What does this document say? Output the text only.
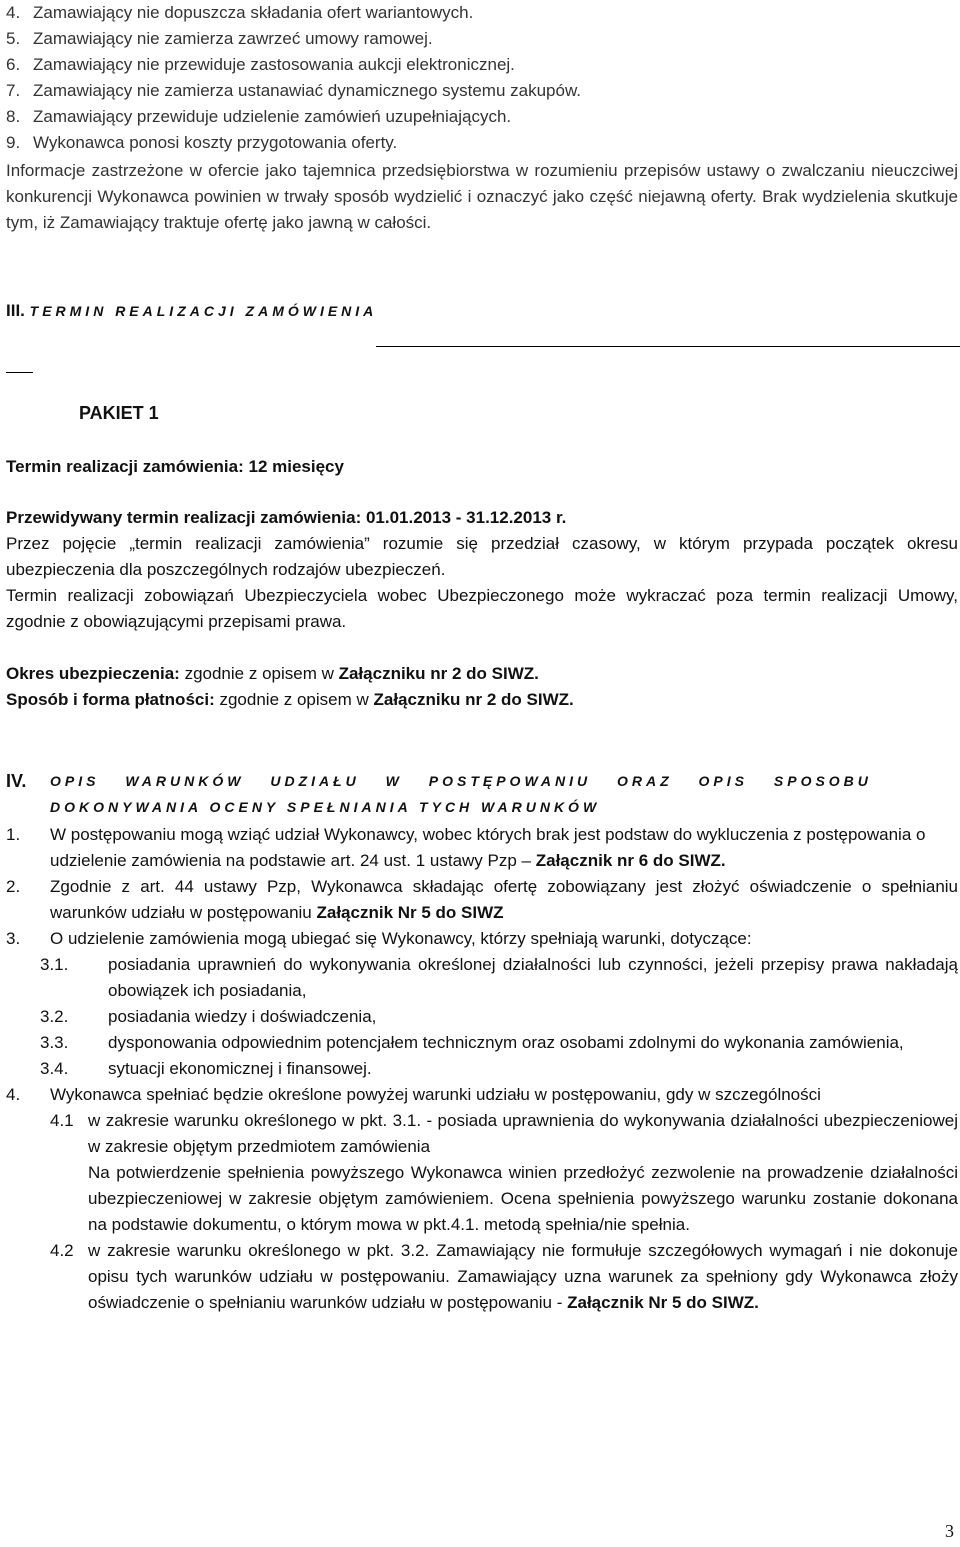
4. Zamawiający nie dopuszcza składania ofert wariantowych.
5. Zamawiający nie zamierza zawrzeć umowy ramowej.
6. Zamawiający nie przewiduje zastosowania aukcji elektronicznej.
7. Zamawiający nie zamierza ustanawiać dynamicznego systemu zakupów.
8. Zamawiający przewiduje udzielenie zamówień uzupełniających.
9. Wykonawca ponosi koszty przygotowania oferty.

Informacje zastrzeżone w ofercie jako tajemnica przedsiębiorstwa w rozumieniu przepisów ustawy o zwalczaniu nieuczciwej konkurencji Wykonawca powinien w trwały sposób wydzielić i oznaczyć jako część niejawną oferty. Brak wydzielenia skutkuje tym, iż Zamawiający traktuje ofertę jako jawną w całości.

III. TERMIN REALIZACJI ZAMÓWIENIA
PAKIET 1
Termin realizacji zamówienia: 12 miesięcy

Przewidywany termin realizacji zamówienia: 01.01.2013 - 31.12.2013 r.

Przez pojęcie „termin realizacji zamówienia” rozumie się przedział czasowy, w którym przypada początek okresu ubezpieczenia dla poszczególnych rodzajów ubezpieczeń.

Termin realizacji zobowiązań Ubezpieczyciela wobec Ubezpieczonego może wykraczać poza termin realizacji Umowy, zgodnie z obowiązującymi przepisami prawa.

Okres ubezpieczenia: zgodnie z opisem w Załączniku nr 2 do SIWZ.

Sposób i forma płatności: zgodnie z opisem w Załączniku nr 2 do SIWZ.

IV.	OPIS WARUNKÓW UDZIAŁU W POSTĘPOWANIU ORAZ OPIS SPOSOBU
DOKONYWANIA OCENY SPEŁNIANIA TYCH WARUNKÓW
1.	W postępowaniu mogą wziąć udział Wykonawcy, wobec których brak jest podstaw do wykluczenia z postępowania o udzielenie zamówienia na podstawie art. 24 ust. 1 ustawy Pzp – Załącznik nr 6 do SIWZ.

2.	Zgodnie z art. 44 ustawy Pzp, Wykonawca składając ofertę zobowiązany jest złożyć oświadczenie o spełnianiu warunków udziału w postępowaniu Załącznik Nr 5 do SIWZ

3.	O udzielenie zamówienia mogą ubiegać się Wykonawcy, którzy spełniają warunki, dotyczące:

3.1.	posiadania uprawnień do wykonywania określonej działalności lub czynności, jeżeli przepisy prawa nakładają obowiązek ich posiadania,

3.2.	posiadania wiedzy i doświadczenia,

3.3.	dysponowania odpowiednim potencjałem technicznym oraz osobami zdolnymi do wykonania zamówienia,

3.4.	sytuacji ekonomicznej i finansowej.

4.	Wykonawca spełniać będzie określone powyżej warunki udziału w postępowaniu, gdy w szczególności

4.1 w zakresie warunku określonego w pkt. 3.1. - posiada uprawnienia do wykonywania działalności ubezpieczeniowej w zakresie objętym przedmiotem zamówienia

Na potwierdzenie spełnienia powyższego Wykonawca winien przedłożyć zezwolenie na prowadzenie działalności ubezpieczeniowej w zakresie objętym zamówieniem. Ocena spełnienia powyższego warunku zostanie dokonana na podstawie dokumentu, o którym mowa w pkt.4.1. metodą spełnia/nie spełnia.

4.2 w zakresie warunku określonego w pkt. 3.2. Zamawiający nie formułuje szczegółowych wymagań i nie dokonuje opisu tych warunków udziału w postępowaniu. Zamawiający uzna warunek za spełniony gdy Wykonawca złoży oświadczenie o spełnianiu warunków udziału w postępowaniu - Załącznik Nr 5 do SIWZ.

3
